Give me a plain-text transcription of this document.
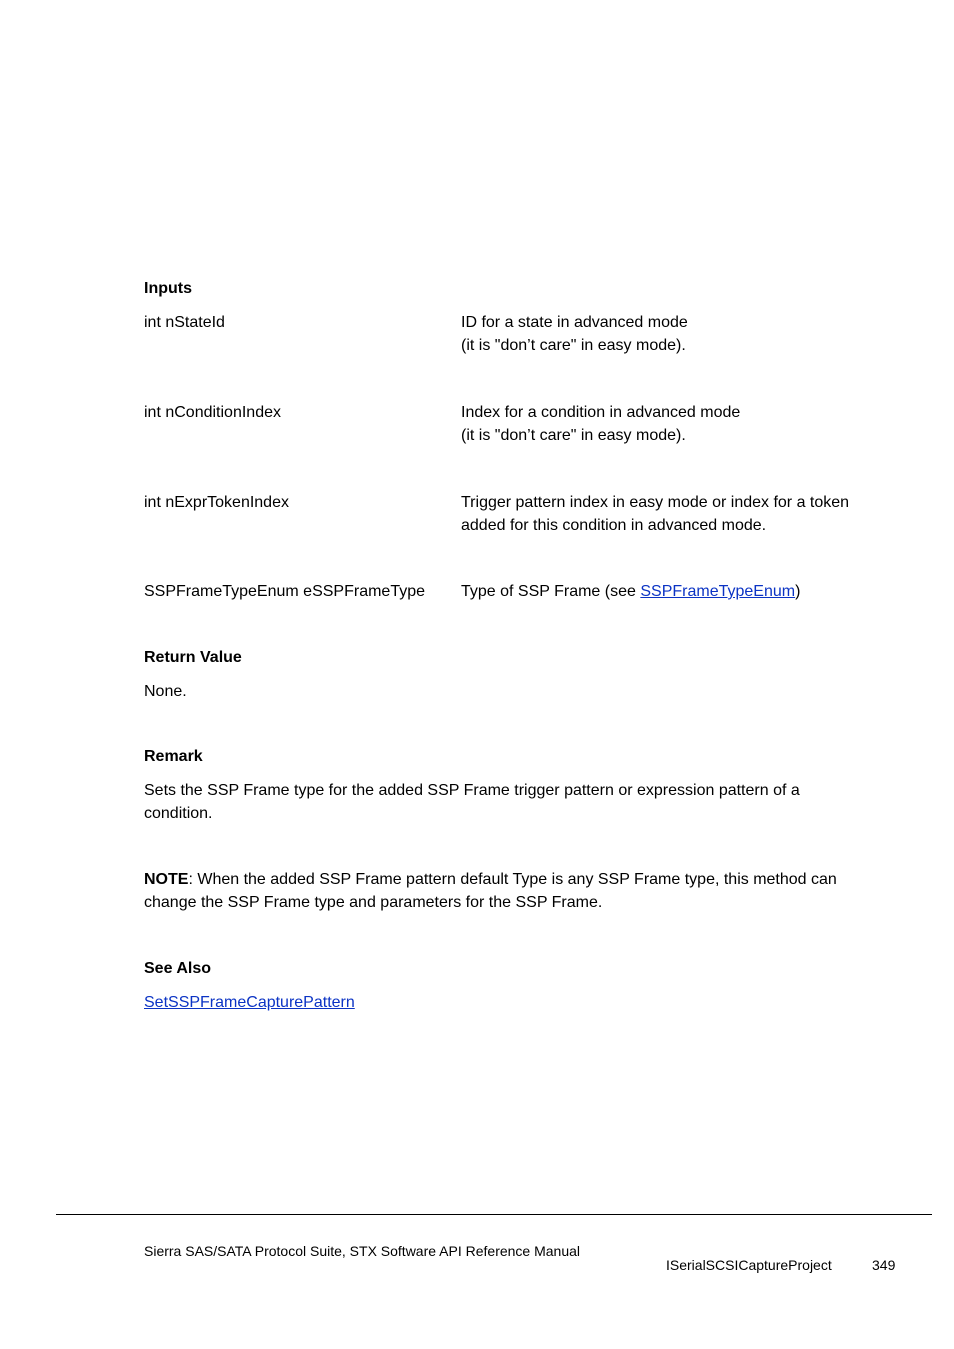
Inputs
int nStateId	ID for a state in advanced mode
(it is "don’t care" in easy mode).
int nConditionIndex	Index for a condition in advanced mode
(it is "don’t care" in easy mode).
int nExprTokenIndex	Trigger pattern index in easy mode or index for a token
added for this condition in advanced mode.
SSPFrameTypeEnum eSSPFrameType	Type of SSP Frame (see SSPFrameTypeEnum)
Return Value
None.
Remark
Sets the SSP Frame type for the added SSP Frame trigger pattern or expression pattern of a
condition.
NOTE: When the added SSP Frame pattern default Type is any SSP Frame type, this method can
change the SSP Frame type and parameters for the SSP Frame.
See Also
SetSSPFrameCapturePattern
Sierra SAS/SATA Protocol Suite, STX Software API Reference Manual
ISerialSCSICaptureProject	349
